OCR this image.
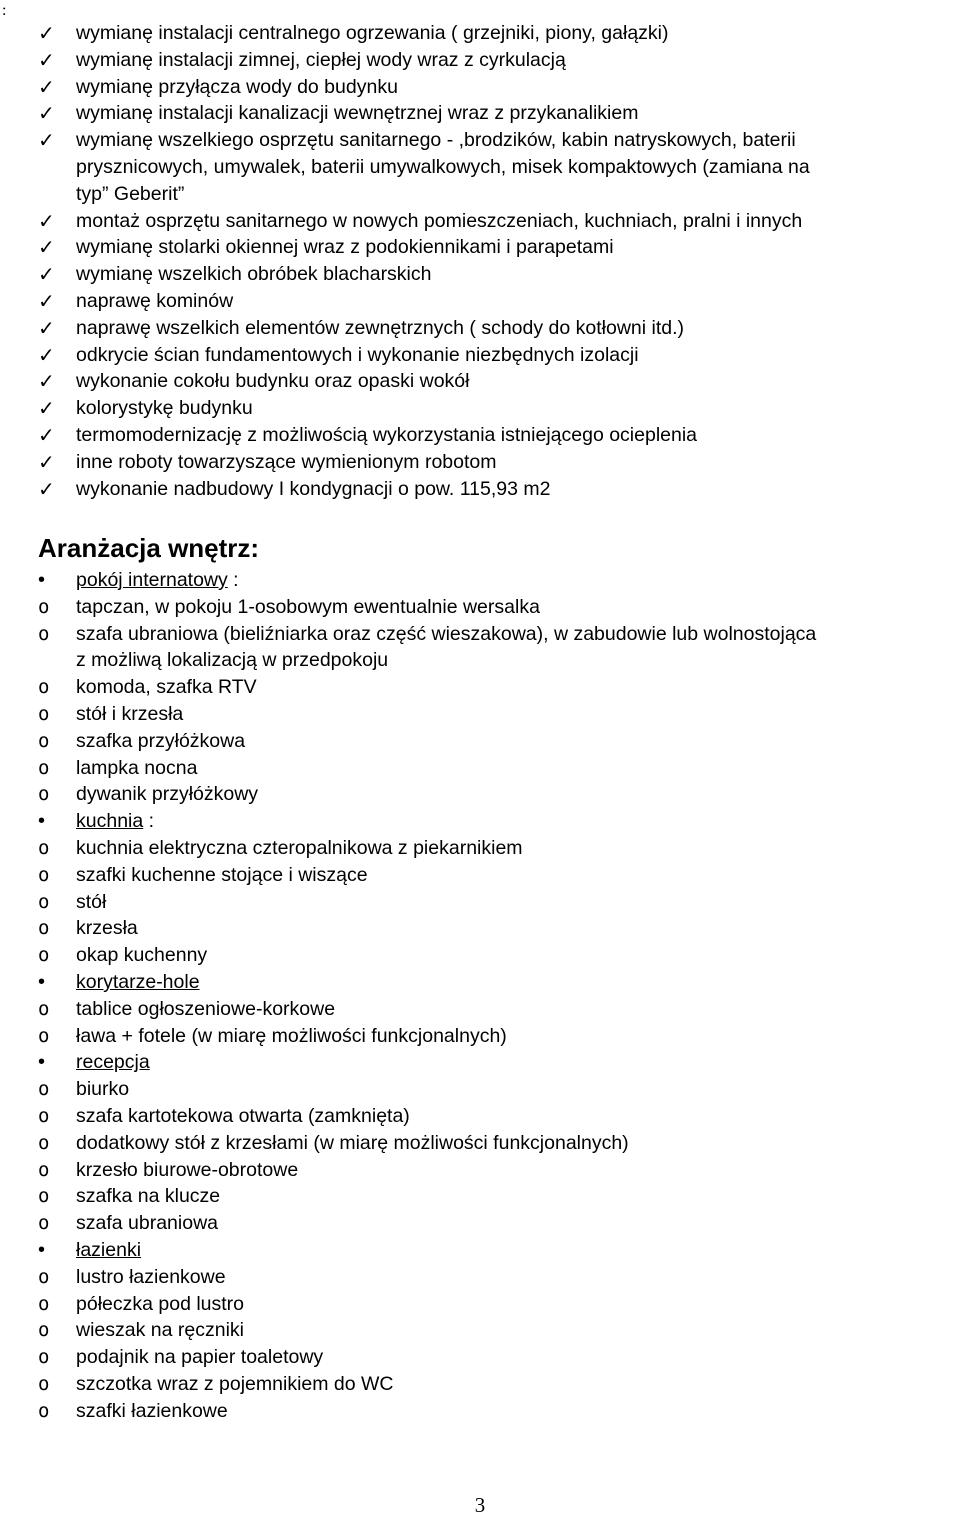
:
✓	wymianę instalacji centralnego ogrzewania ( grzejniki, piony, gałązki)
✓	wymianę instalacji zimnej, ciepłej wody wraz z cyrkulacją
✓	wymianę przyłącza wody do budynku
✓	wymianę instalacji kanalizacji wewnętrznej wraz z przykanalikiem
✓	wymianę wszelkiego osprzętu sanitarnego - ,brodzików, kabin natryskowych, baterii
prysznicowych, umywalek, baterii umywalkowych, misek kompaktowych (zamiana na
typ” Geberit”
✓	montaż osprzętu sanitarnego w nowych pomieszczeniach, kuchniach, pralni i innych
✓	wymianę stolarki okiennej wraz z podokiennikami i parapetami
✓	wymianę wszelkich obróbek blacharskich
✓	naprawę kominów
✓	naprawę wszelkich elementów zewnętrznych ( schody do kotłowni itd.)
✓	odkrycie ścian fundamentowych i wykonanie niezbędnych izolacji
✓	wykonanie cokołu budynku oraz opaski wokół
✓	kolorystykę budynku
✓	termomodernizację z możliwością wykorzystania istniejącego ocieplenia
✓	inne roboty towarzyszące wymienionym robotom
✓	wykonanie nadbudowy I kondygnacji o pow. 115,93 m2
Aranżacja wnętrz:
•	pokój internatowy :
o	tapczan, w pokoju 1-osobowym ewentualnie wersalka
o	szafa ubraniowa (bieliźniarka oraz część wieszakowa), w zabudowie lub wolnostojąca
z możliwą lokalizacją w przedpokoju
o	komoda, szafka RTV
o	stół i krzesła
o	szafka przyłóżkowa
o	lampka nocna
o	dywanik przyłóżkowy
•	kuchnia :
o	kuchnia elektryczna czteropalnikowa z piekarnikiem
o	szafki kuchenne stojące i wiszące
o	stół
o	krzesła
o	okap kuchenny
•	korytarze-hole
o	tablice ogłoszeniowe-korkowe
o	ława + fotele (w miarę możliwości funkcjonalnych)
•	recepcja
o	biurko
o	szafa kartotekowa otwarta (zamknięta)
o	dodatkowy stół z krzesłami (w miarę możliwości funkcjonalnych)
o	krzesło biurowe-obrotowe
o	szafka na klucze
o	szafa ubraniowa
•	łazienki
o	lustro łazienkowe
o	półeczka pod lustro
o	wieszak na ręczniki
o	podajnik na papier toaletowy
o	szczotka wraz z pojemnikiem do WC
o	szafki łazienkowe
3
